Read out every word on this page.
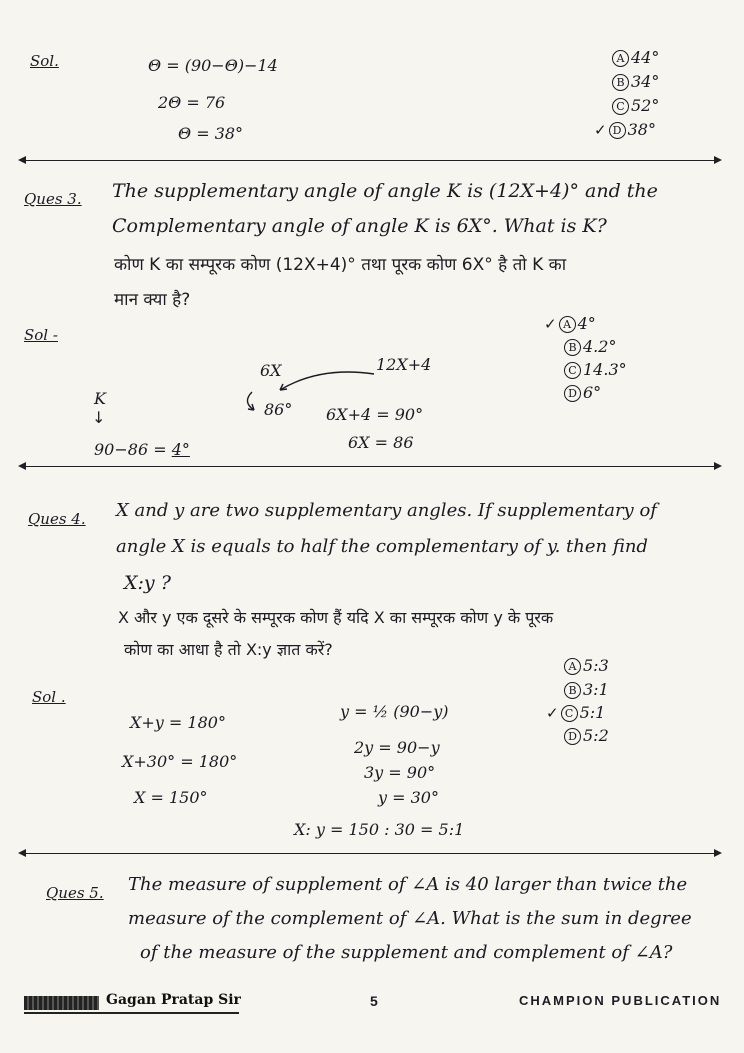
Sol.	Θ = (90−Θ)−14
2Θ = 76
Θ = 38°
A 44°
B 34°
C 52°
✓ D 38°
Ques 3. The supplementary angle of angle K is (12X+4)° and the
Complementary angle of angle K is 6X°. What is K?
कोण K का सम्पूरक कोण (12X+4)° तथा पूरक कोण 6X° है तो K का
मान क्या है?
Sol -
6X	12X+4
86° 6X+4 = 90°
6X = 86
K
↓
90−86 = 4°
✓ A 4°
B 4.2°
C 14.3°
D 6°
Ques 4. X and y are two supplementary angles. If supplementary of
angle X is equals to half the complementary of y. then find
X:y ?
X और y एक दूसरे के सम्पूरक कोण हैं यदि X का सम्पूरक कोण y के पूरक
कोण का आधा है तो X:y ज्ञात करें?
Sol .
X+y = 180°
X+30° = 180°
X = 150°
y = ½ (90−y)
2y = 90−y
3y = 90°
y = 30°
X: y = 150 : 30 = 5:1
A 5:3
B 3:1
✓ C 5:1
D 5:2
Ques 5. The measure of supplement of ∠A is 40 larger than twice the
measure of the complement of ∠A. What is the sum in degree
of the measure of the supplement and complement of ∠A?
Gagan Pratap Sir	5	CHAMPION PUBLICATION
